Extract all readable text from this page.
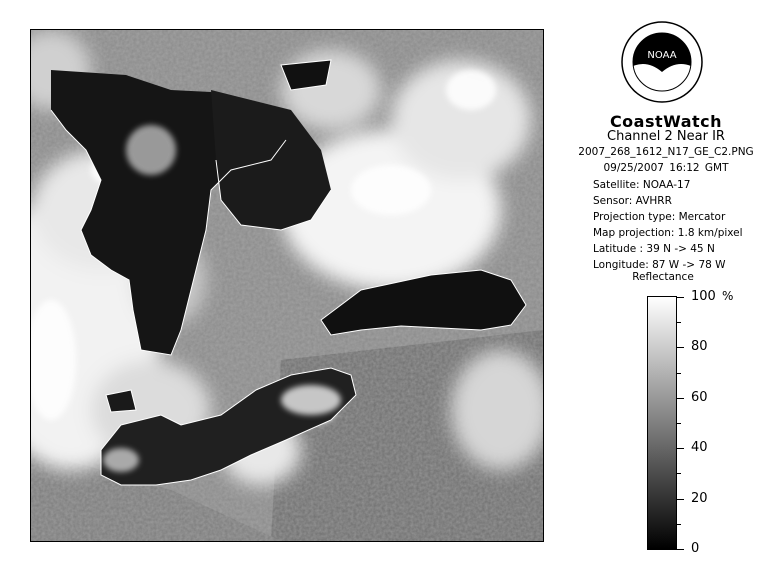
NOAA
CoastWatch
Channel 2 Near IR
2007_268_1612_N17_GE_C2.PNG
09/25/2007 16:12 GMT
Satellite: NOAA-17
Sensor: AVHRR
Projection type: Mercator
Map projection: 1.8 km/pixel
Latitude : 39 N -> 45 N
Longitude: 87 W -> 78 W
Reflectance
%
0
20
40
60
80
100
